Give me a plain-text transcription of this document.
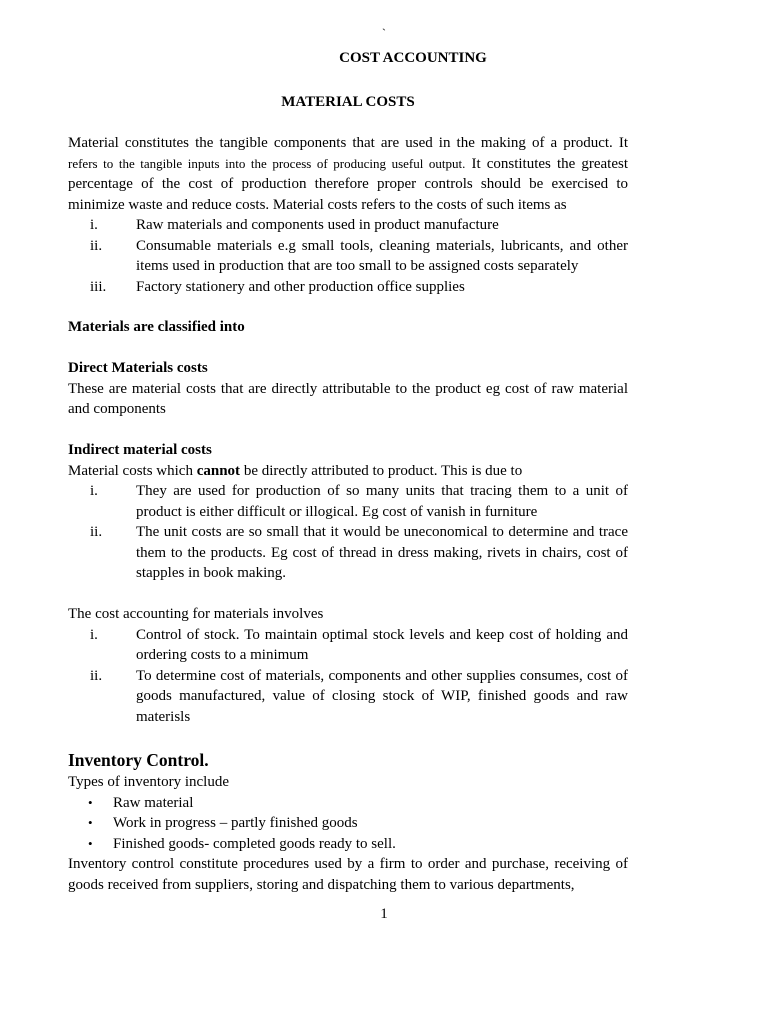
`
COST ACCOUNTING
MATERIAL COSTS
Material constitutes the tangible components that are used in the making of a product. It refers to the tangible inputs into the process of producing useful output. It constitutes the greatest percentage of the cost of production therefore proper controls should be exercised to minimize waste and reduce costs. Material costs refers to the costs of such items as
i.	Raw materials and components used in product manufacture
ii. Consumable materials e.g small tools, cleaning materials, lubricants, and other items used in production that are too small to be assigned costs separately
iii. Factory stationery and other production office supplies
Materials are classified into
Direct Materials costs
These are material costs that are directly attributable to the product eg cost of raw material and components
Indirect material costs
Material costs which cannot be directly attributed to product. This is due to
i.	They are used for production of so many units that tracing them to a unit of product is either difficult or illogical. Eg cost of vanish in furniture
ii. The unit costs are so small that it would be uneconomical to determine and trace them to the products. Eg cost of thread in dress making, rivets in chairs, cost of stapples in book making.
The cost accounting for materials involves
i.	Control of stock. To maintain optimal stock levels and keep cost of holding and ordering costs to a minimum
ii. To determine cost of materials, components and other supplies consumes, cost of goods manufactured, value of closing stock of WIP, finished goods and raw materisls
Inventory Control.
Types of inventory include
• Raw material
• Work in progress – partly finished goods
• Finished goods- completed goods ready to sell.
Inventory control constitute procedures used by a firm to order and purchase, receiving of goods received from suppliers, storing and dispatching them to various departments,
1
